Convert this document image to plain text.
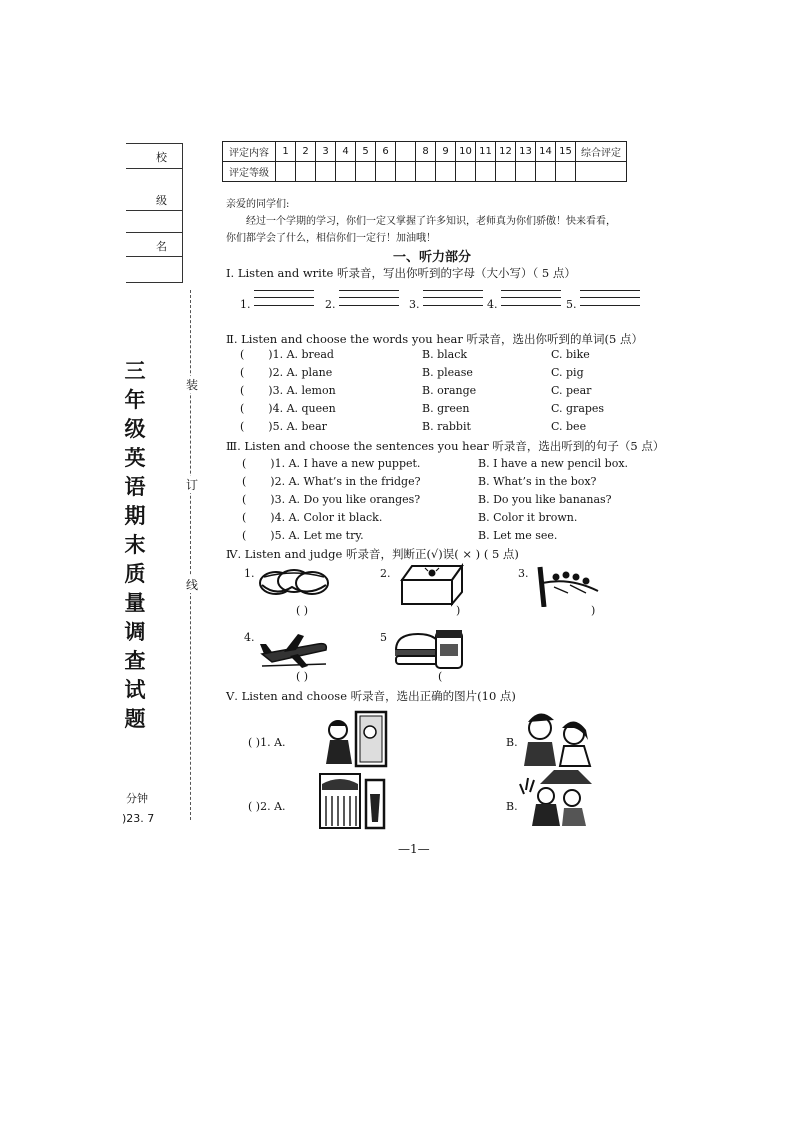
校
级
名
三
年
级
英
语
期
末
质
量
调
查
试
题
分钟
)23. 7
装
订
线
评定内容	1	2	3	4	5	6		8	9	10	11	12	13	14	15	综合评定
评定等级																
亲爱的同学们:
经过一个学期的学习，你们一定又掌握了许多知识，老师真为你们骄傲！快来看看，
你们都学会了什么，相信你们一定行！加油哦！
一、听力部分
Ⅰ. Listen and write 听录音，写出你听到的字母（大小写）（ 5 点）
1.	2.	3.	4.	5.
Ⅱ. Listen and choose the words you hear 听录音，选出你听到的单词(5 点）
( )1. A. bread	B. black	C. bike
( )2. A. plane	B. please	C. pig
( )3. A. lemon	B. orange	C. pear
( )4. A. queen	B. green	C. grapes
( )5. A. bear	B. rabbit	C. bee
Ⅲ. Listen and choose the sentences you hear 听录音，选出听到的句子（5 点）
( )1. A. I have a new puppet.	B. I have a new pencil box.
( )2. A. What’s in the fridge?	B. What’s in the box?
( )3. A. Do you like oranges?	B. Do you like bananas?
( )4. A. Color it black.	B. Color it brown.
( )5. A. Let me try.	B. Let me see.
Ⅳ. Listen and judge 听录音，判断正(√)误( × ) ( 5 点)
1.
( )
2.
)
3.
)
4.
( )
5
(
Ⅴ. Listen and choose 听录音，选出正确的图片(10 点)
( )1. A.	B.
( )2. A.	B.
—1—
